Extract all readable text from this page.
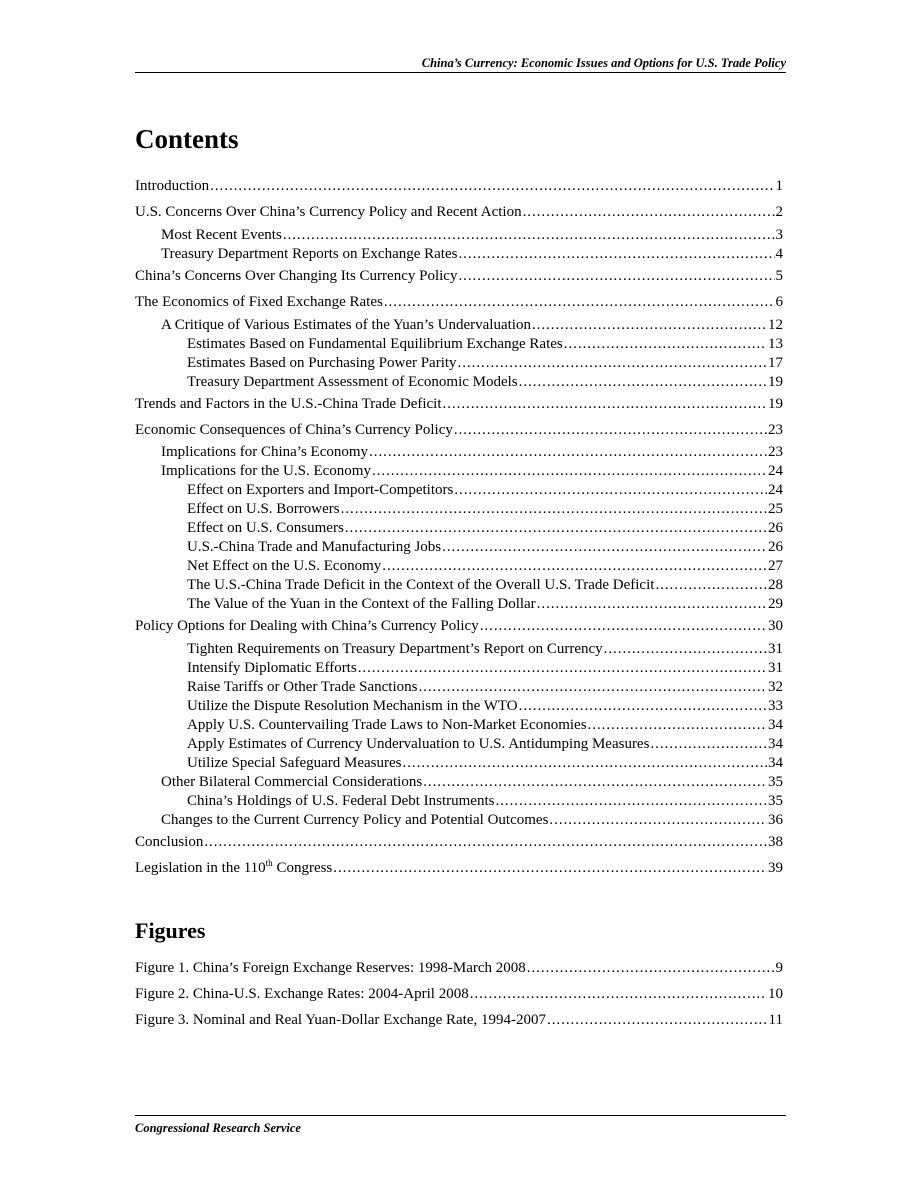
China’s Currency: Economic Issues and Options for U.S. Trade Policy
Contents
Introduction . . .	1
U.S. Concerns Over China’s Currency Policy and Recent Action . . .	2
Most Recent Events . . .	3
Treasury Department Reports on Exchange Rates . . .	4
China’s Concerns Over Changing Its Currency Policy . . .	5
The Economics of Fixed Exchange Rates . . .	6
A Critique of Various Estimates of the Yuan’s Undervaluation . . .	12
Estimates Based on Fundamental Equilibrium Exchange Rates . . .	13
Estimates Based on Purchasing Power Parity . . .	17
Treasury Department Assessment of Economic Models . . .	19
Trends and Factors in the U.S.-China Trade Deficit . . .	19
Economic Consequences of China’s Currency Policy . . .	23
Implications for China’s Economy . . .	23
Implications for the U.S. Economy . . .	24
Effect on Exporters and Import-Competitors . . .	24
Effect on U.S. Borrowers . . .	25
Effect on U.S. Consumers . . .	26
U.S.-China Trade and Manufacturing Jobs . . .	26
Net Effect on the U.S. Economy . . .	27
The U.S.-China Trade Deficit in the Context of the Overall U.S. Trade Deficit . . .	28
The Value of the Yuan in the Context of the Falling Dollar . . .	29
Policy Options for Dealing with China’s Currency Policy . . .	30
Tighten Requirements on Treasury Department’s Report on Currency . . .	31
Intensify Diplomatic Efforts . . .	31
Raise Tariffs or Other Trade Sanctions . . .	32
Utilize the Dispute Resolution Mechanism in the WTO . . .	33
Apply U.S. Countervailing Trade Laws to Non-Market Economies . . .	34
Apply Estimates of Currency Undervaluation to U.S. Antidumping Measures . . .	34
Utilize Special Safeguard Measures . . .	34
Other Bilateral Commercial Considerations . . .	35
China’s Holdings of U.S. Federal Debt Instruments . . .	35
Changes to the Current Currency Policy and Potential Outcomes . . .	36
Conclusion . . .	38
Legislation in the 110th Congress . . .	39
Figures
Figure 1. China’s Foreign Exchange Reserves: 1998-March 2008 . . .	9
Figure 2. China-U.S. Exchange Rates: 2004-April 2008 . . .	10
Figure 3. Nominal and Real Yuan-Dollar Exchange Rate, 1994-2007 . . .	11
Congressional Research Service
